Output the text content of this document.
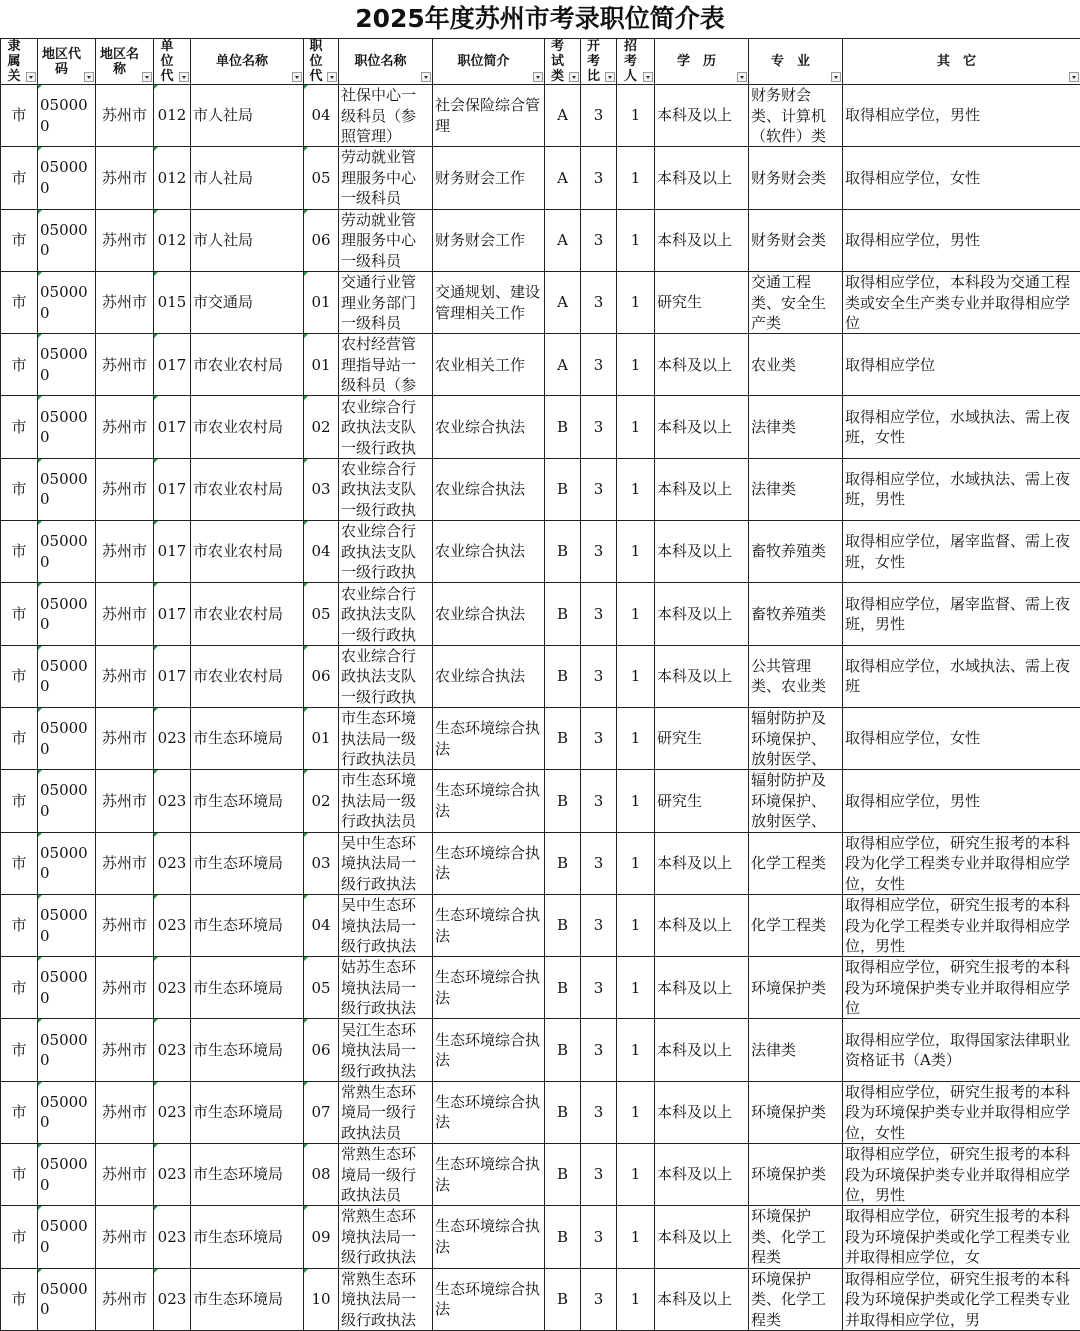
2025年度苏州市考录职位简介表
隶属关	地区代码	地区名称	单位代	单位名称	职位代	职位名称	职位简介	考试类	开考比	招考人	学　历	专　业	其　它

市	050000	苏州市	012	市人社局	04	社保中心一级科员（参照管理）	社会保险综合管理	A	3	1	本科及以上	财务财会类、计算机（软件）类	取得相应学位，男性

市	050000	苏州市	012	市人社局	05	劳动就业管理服务中心一级科员	财务财会工作	A	3	1	本科及以上	财务财会类	取得相应学位，女性

市	050000	苏州市	012	市人社局	06	劳动就业管理服务中心一级科员	财务财会工作	A	3	1	本科及以上	财务财会类	取得相应学位，男性

市	050000	苏州市	015	市交通局	01	交通行业管理业务部门一级科员	交通规划、建设管理相关工作	A	3	1	研究生	交通工程类、安全生产类	取得相应学位，本科段为交通工程类或安全生产类专业并取得相应学位

市	050000	苏州市	017	市农业农村局	01	农村经营管理指导站一级科员（参	农业相关工作	A	3	1	本科及以上	农业类	取得相应学位

市	050000	苏州市	017	市农业农村局	02	农业综合行政执法支队一级行政执	农业综合执法	B	3	1	本科及以上	法律类	取得相应学位，水域执法、需上夜班，女性

市	050000	苏州市	017	市农业农村局	03	农业综合行政执法支队一级行政执	农业综合执法	B	3	1	本科及以上	法律类	取得相应学位，水域执法、需上夜班，男性

市	050000	苏州市	017	市农业农村局	04	农业综合行政执法支队一级行政执	农业综合执法	B	3	1	本科及以上	畜牧养殖类	取得相应学位，屠宰监督、需上夜班，女性

市	050000	苏州市	017	市农业农村局	05	农业综合行政执法支队一级行政执	农业综合执法	B	3	1	本科及以上	畜牧养殖类	取得相应学位，屠宰监督、需上夜班，男性

市	050000	苏州市	017	市农业农村局	06	农业综合行政执法支队一级行政执	农业综合执法	B	3	1	本科及以上	公共管理类、农业类	取得相应学位，水域执法、需上夜班

市	050000	苏州市	023	市生态环境局	01	市生态环境执法局一级行政执法员	生态环境综合执法	B	3	1	研究生	辐射防护及环境保护、放射医学、	取得相应学位，女性

市	050000	苏州市	023	市生态环境局	02	市生态环境执法局一级行政执法员	生态环境综合执法	B	3	1	研究生	辐射防护及环境保护、放射医学、	取得相应学位，男性

市	050000	苏州市	023	市生态环境局	03	吴中生态环境执法局一级行政执法	生态环境综合执法	B	3	1	本科及以上	化学工程类	取得相应学位，研究生报考的本科段为化学工程类专业并取得相应学位，女性

市	050000	苏州市	023	市生态环境局	04	吴中生态环境执法局一级行政执法	生态环境综合执法	B	3	1	本科及以上	化学工程类	取得相应学位，研究生报考的本科段为化学工程类专业并取得相应学位，男性

市	050000	苏州市	023	市生态环境局	05	姑苏生态环境执法局一级行政执法	生态环境综合执法	B	3	1	本科及以上	环境保护类	取得相应学位，研究生报考的本科段为环境保护类专业并取得相应学位

市	050000	苏州市	023	市生态环境局	06	吴江生态环境执法局一级行政执法	生态环境综合执法	B	3	1	本科及以上	法律类	取得相应学位，取得国家法律职业资格证书（A类）

市	050000	苏州市	023	市生态环境局	07	常熟生态环境局一级行政执法员	生态环境综合执法	B	3	1	本科及以上	环境保护类	取得相应学位，研究生报考的本科段为环境保护类专业并取得相应学位，女性

市	050000	苏州市	023	市生态环境局	08	常熟生态环境局一级行政执法员	生态环境综合执法	B	3	1	本科及以上	环境保护类	取得相应学位，研究生报考的本科段为环境保护类专业并取得相应学位，男性

市	050000	苏州市	023	市生态环境局	09	常熟生态环境执法局一级行政执法	生态环境综合执法	B	3	1	本科及以上	环境保护类、化学工程类	取得相应学位，研究生报考的本科段为环境保护类或化学工程类专业并取得相应学位，女

市	050000	苏州市	023	市生态环境局	10	常熟生态环境执法局一级行政执法	生态环境综合执法	B	3	1	本科及以上	环境保护类、化学工程类	取得相应学位，研究生报考的本科段为环境保护类或化学工程类专业并取得相应学位，男
